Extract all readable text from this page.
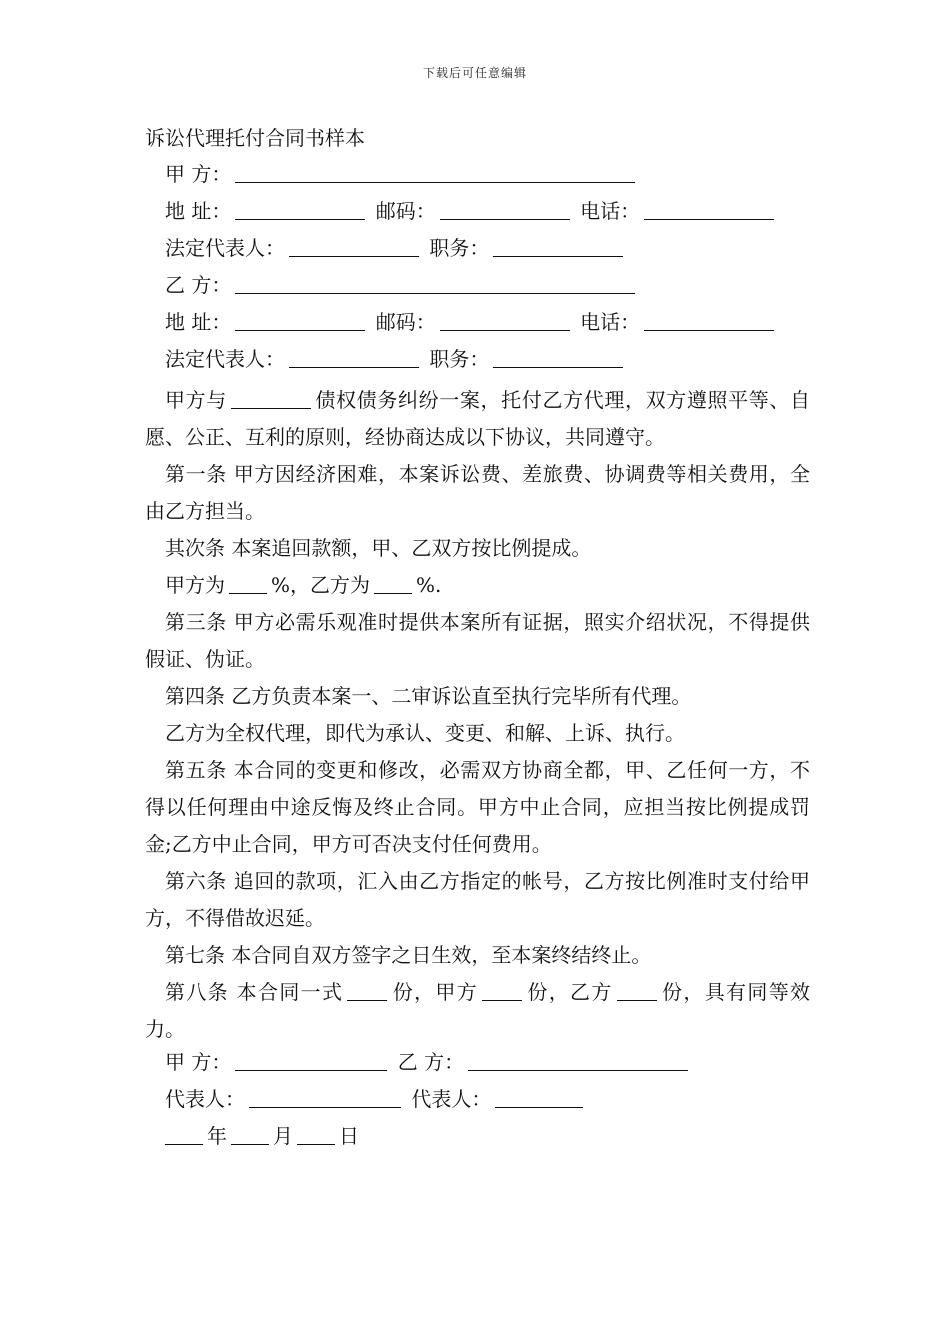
下载后可任意编辑
诉讼代理托付合同书样本
甲 方：
地 址：	邮码：	电话：
法定代表人：	职务：
乙 方：
地 址：	邮码：	电话：
法定代表人：	职务：

甲方与	债权债务纠纷一案，托付乙方代理，双方遵照平等、自愿、公正、互利的原则，经协商达成以下协议，共同遵守。

第一条 甲方因经济困难，本案诉讼费、差旅费、协调费等相关费用，全由乙方担当。

其次条 本案追回款额，甲、乙双方按比例提成。

甲方为 %，乙方为 %.

第三条 甲方必需乐观准时提供本案所有证据，照实介绍状况，不得提供假证、伪证。

第四条 乙方负责本案一、二审诉讼直至执行完毕所有代理。

乙方为全权代理，即代为承认、变更、和解、上诉、执行。

第五条 本合同的变更和修改，必需双方协商全都，甲、乙任何一方，不得以任何理由中途反悔及终止合同。甲方中止合同，应担当按比例提成罚金;乙方中止合同，甲方可否决支付任何费用。

第六条 追回的款项，汇入由乙方指定的帐号，乙方按比例准时支付给甲方，不得借故迟延。

第七条 本合同自双方签字之日生效，至本案终结终止。

第八条 本合同一式 份，甲方 份，乙方 份，具有同等效力。

甲 方：	乙 方：
代表人：	代表人：
年 月 日
